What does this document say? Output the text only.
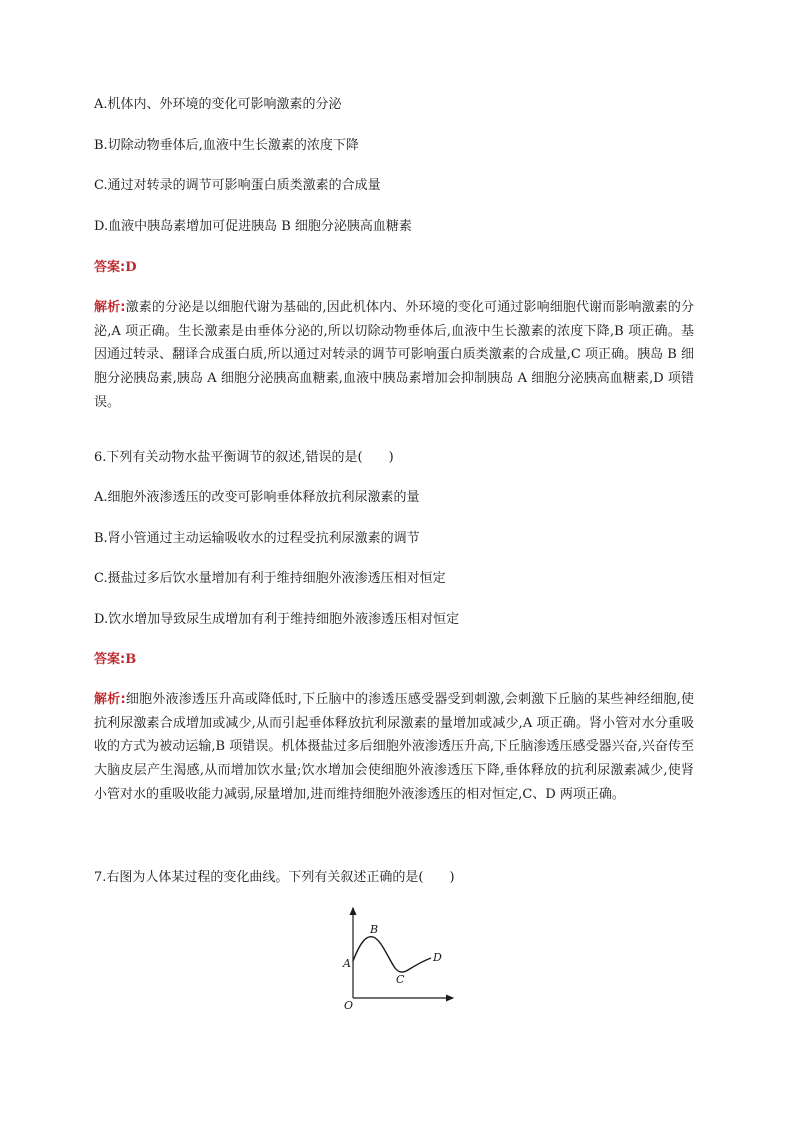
A.机体内、外环境的变化可影响激素的分泌
B.切除动物垂体后,血液中生长激素的浓度下降
C.通过对转录的调节可影响蛋白质类激素的合成量
D.血液中胰岛素增加可促进胰岛 B 细胞分泌胰高血糖素
答案:D
解析:激素的分泌是以细胞代谢为基础的,因此机体内、外环境的变化可通过影响细胞代谢而影响激素的分泌,A 项正确。生长激素是由垂体分泌的,所以切除动物垂体后,血液中生长激素的浓度下降,B 项正确。基因通过转录、翻译合成蛋白质,所以通过对转录的调节可影响蛋白质类激素的合成量,C 项正确。胰岛 B 细胞分泌胰岛素,胰岛 A 细胞分泌胰高血糖素,血液中胰岛素增加会抑制胰岛 A 细胞分泌胰高血糖素,D 项错误。
6.下列有关动物水盐平衡调节的叙述,错误的是(　　)
A.细胞外液渗透压的改变可影响垂体释放抗利尿激素的量
B.肾小管通过主动运输吸收水的过程受抗利尿激素的调节
C.摄盐过多后饮水量增加有利于维持细胞外液渗透压相对恒定
D.饮水增加导致尿生成增加有利于维持细胞外液渗透压相对恒定
答案:B
解析:细胞外液渗透压升高或降低时,下丘脑中的渗透压感受器受到刺激,会刺激下丘脑的某些神经细胞,使抗利尿激素合成增加或减少,从而引起垂体释放抗利尿激素的量增加或减少,A 项正确。肾小管对水分重吸收的方式为被动运输,B 项错误。机体摄盐过多后细胞外液渗透压升高,下丘脑渗透压感受器兴奋,兴奋传至大脑皮层产生渴感,从而增加饮水量;饮水增加会使细胞外液渗透压下降,垂体释放的抗利尿激素减少,使肾小管对水的重吸收能力减弱,尿量增加,进而维持细胞外液渗透压的相对恒定,C、D 两项正确。
7.右图为人体某过程的变化曲线。下列有关叙述正确的是(　　)
A
B
C
D
O
